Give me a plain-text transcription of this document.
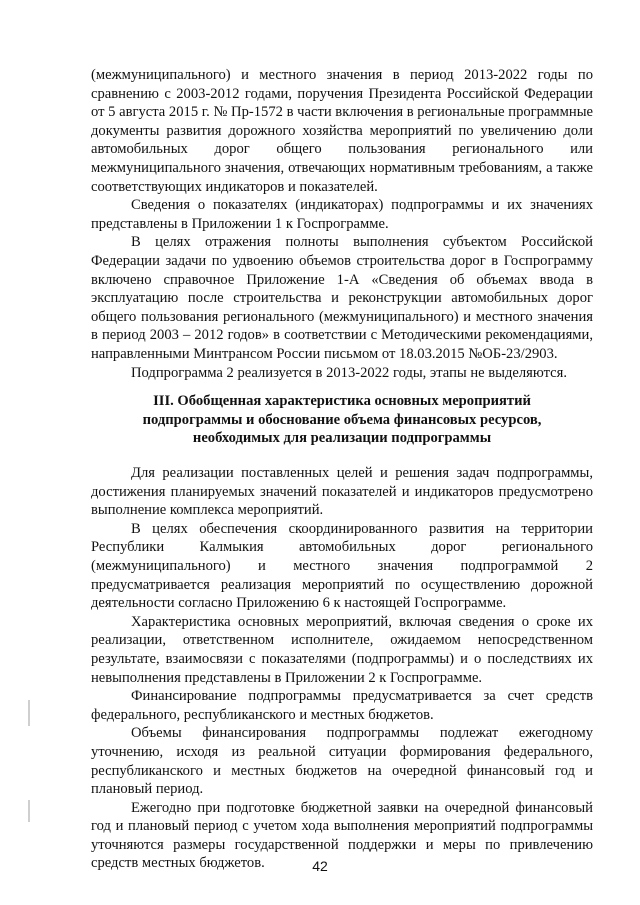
(межмуниципального) и местного значения в период 2013-2022 годы по сравнению с 2003-2012 годами, поручения Президента Российской Федерации от 5 августа 2015 г. № Пр-1572 в части включения в региональные программные документы развития дорожного хозяйства мероприятий по увеличению доли автомобильных дорог общего пользования регионального или межмуниципального значения, отвечающих нормативным требованиям, а также соответствующих индикаторов и показателей.

Сведения о показателях (индикаторах) подпрограммы и их значениях представлены в Приложении 1 к Госпрограмме.

В целях отражения полноты выполнения субъектом Российской Федерации задачи по удвоению объемов строительства дорог в Госпрограмму включено справочное Приложение 1-А «Сведения об объемах ввода в эксплуатацию после строительства и реконструкции автомобильных дорог общего пользования регионального (межмуниципального) и местного значения в период 2003 – 2012 годов» в соответствии с Методическими рекомендациями, направленными Минтрансом России письмом от 18.03.2015 №ОБ-23/2903.

Подпрограмма 2 реализуется в 2013-2022 годы, этапы не выделяются.

III. Обобщенная характеристика основных мероприятий
подпрограммы и обоснование объема финансовых ресурсов,
необходимых для реализации подпрограммы

Для реализации поставленных целей и решения задач подпрограммы, достижения планируемых значений показателей и индикаторов предусмотрено выполнение комплекса мероприятий.

В целях обеспечения скоординированного развития на территории Республики Калмыкия автомобильных дорог регионального (межмуниципального) и местного значения подпрограммой 2 предусматривается реализация мероприятий по осуществлению дорожной деятельности согласно Приложению 6 к настоящей Госпрограмме.

Характеристика основных мероприятий, включая сведения о сроке их реализации, ответственном исполнителе, ожидаемом непосредственном результате, взаимосвязи с показателями (подпрограммы) и о последствиях их невыполнения представлены в Приложении 2 к Госпрограмме.

Финансирование подпрограммы предусматривается за счет средств федерального, республиканского и местных бюджетов.

Объемы финансирования подпрограммы подлежат ежегодному уточнению, исходя из реальной ситуации формирования федерального, республиканского и местных бюджетов на очередной финансовый год и плановый период.

Ежегодно при подготовке бюджетной заявки на очередной финансовый год и плановый период с учетом хода выполнения мероприятий подпрограммы уточняются размеры государственной поддержки и меры по привлечению средств местных бюджетов.	42
